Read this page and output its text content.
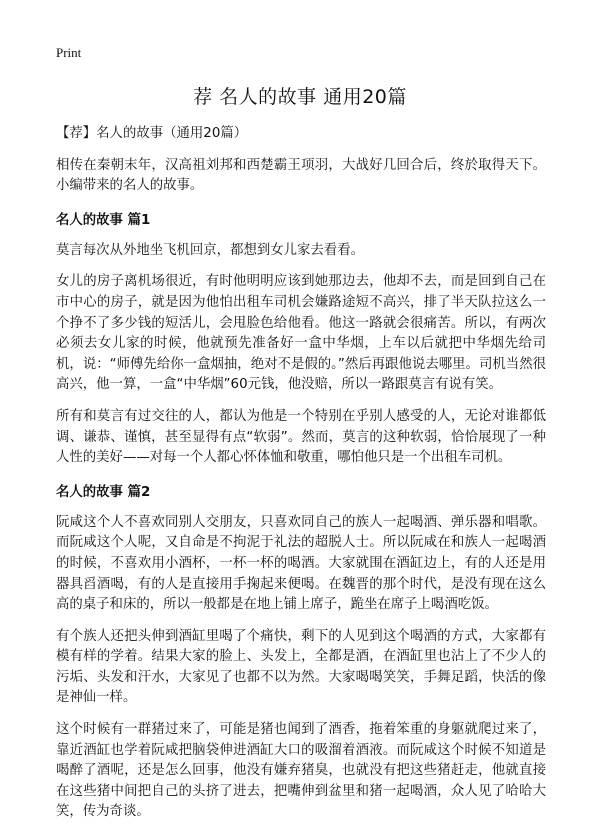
Print
荐 名人的故事 通用20篇

【荐】名人的故事（通用20篇）

相传在秦朝末年，汉高祖刘邦和西楚霸王项羽，大战好几回合后，终於取得天下。小编带来的名人的故事。

名人的故事 篇1

莫言每次从外地坐飞机回京，都想到女儿家去看看。

女儿的房子离机场很近，有时他明明应该到她那边去，他却不去，而是回到自己在市中心的房子，就是因为他怕出租车司机会嫌路途短不高兴，排了半天队拉这么一个挣不了多少钱的短活儿，会甩脸色给他看。他这一路就会很痛苦。所以，有两次必须去女儿家的时候，他就预先准备好一盒中华烟，上车以后就把中华烟先给司机，说：“师傅先给你一盒烟抽，绝对不是假的。”然后再跟他说去哪里。司机当然很高兴，他一算，一盒“中华烟”60元钱，他没赔，所以一路跟莫言有说有笑。

所有和莫言有过交往的人，都认为他是一个特别在乎别人感受的人，无论对谁都低调、谦恭、谨慎，甚至显得有点“软弱”。然而，莫言的这种软弱，恰恰展现了一种人性的美好——对每一个人都心怀体恤和敬重，哪怕他只是一个出租车司机。

名人的故事 篇2

阮咸这个人不喜欢同别人交朋友，只喜欢同自己的族人一起喝酒、弹乐器和唱歌。而阮咸这个人呢，又自命是不拘泥于礼法的超脱人士。所以阮咸在和族人一起喝酒的时候，不喜欢用小酒杯，一杯一杯的喝酒。大家就围在酒缸边上，有的人还是用器具舀酒喝，有的人是直接用手掬起来便喝。在魏晋的那个时代，是没有现在这么高的桌子和床的，所以一般都是在地上铺上席子，跪坐在席子上喝酒吃饭。

有个族人还把头伸到酒缸里喝了个痛快，剩下的人见到这个喝酒的方式，大家都有模有样的学着。结果大家的脸上、头发上，全都是酒，在酒缸里也沾上了不少人的污垢、头发和汗水，大家见了也都不以为然。大家喝喝笑笑，手舞足蹈，快活的像是神仙一样。

这个时候有一群猪过来了，可能是猪也闻到了酒香，拖着笨重的身躯就爬过来了，靠近酒缸也学着阮咸把脑袋伸进酒缸大口的吸溜着酒液。而阮咸这个时候不知道是喝醉了酒呢，还是怎么回事，他没有嫌弃猪臭，也就没有把这些猪赶走，他就直接在这些猪中间把自己的头挤了进去，把嘴伸到盆里和猪一起喝酒，众人见了哈哈大笑，传为奇谈。
